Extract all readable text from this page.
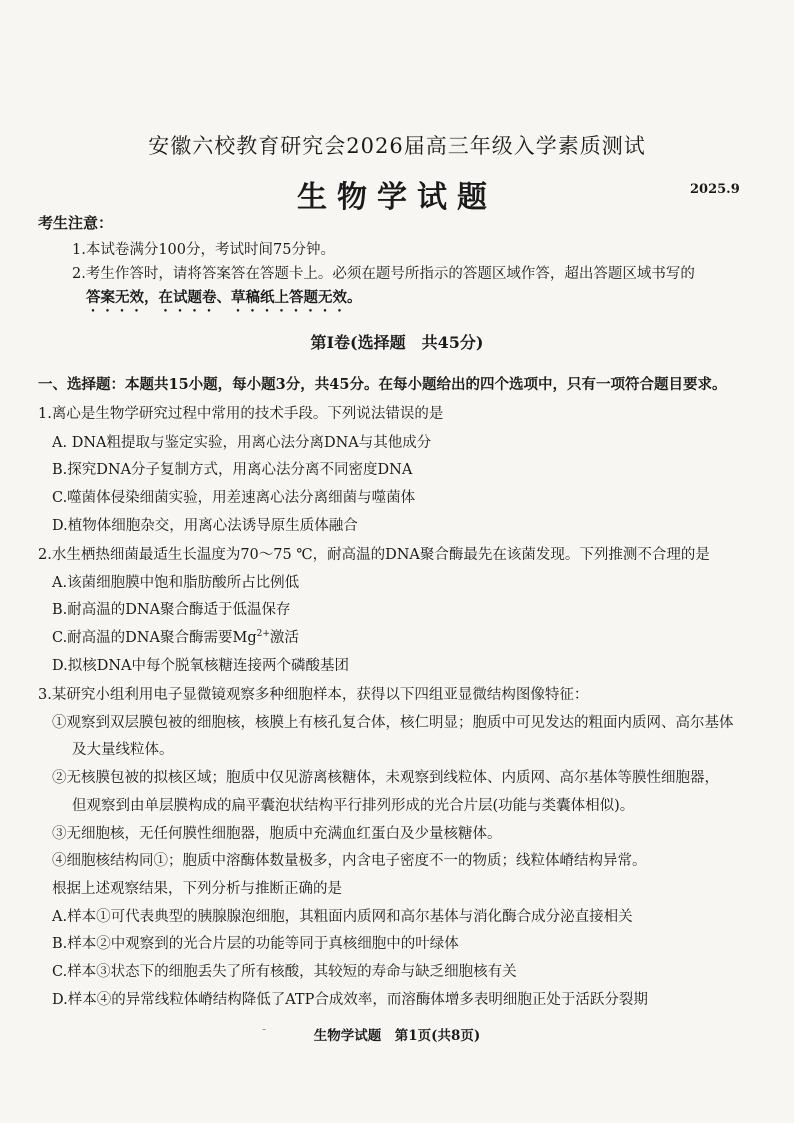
安徽六校教育研究会2026届高三年级入学素质测试
生物学试题	2025.9
考生注意：
1.本试卷满分100分，考试时间75分钟。
2.考生作答时，请将答案答在答题卡上。必须在题号所指示的答题区域作答，超出答题区域书写的
答案无效，在试题卷、草稿纸上答题无效。
第Ⅰ卷(选择题　共45分)
一、选择题：本题共15小题，每小题3分，共45分。在每小题给出的四个选项中，只有一项符合题目要求。
1.离心是生物学研究过程中常用的技术手段。下列说法错误的是
A. DNA粗提取与鉴定实验，用离心法分离DNA与其他成分
B.探究DNA分子复制方式，用离心法分离不同密度DNA
C.噬菌体侵染细菌实验，用差速离心法分离细菌与噬菌体
D.植物体细胞杂交，用离心法诱导原生质体融合
2.水生栖热细菌最适生长温度为70～75 ℃，耐高温的DNA聚合酶最先在该菌发现。下列推测不合理的是
A.该菌细胞膜中饱和脂肪酸所占比例低
B.耐高温的DNA聚合酶适于低温保存
C.耐高温的DNA聚合酶需要$Mg^{2+}$激活
D.拟核DNA中每个脱氧核糖连接两个磷酸基团
3.某研究小组利用电子显微镜观察多种细胞样本，获得以下四组亚显微结构图像特征：
①观察到双层膜包被的细胞核，核膜上有核孔复合体，核仁明显；胞质中可见发达的粗面内质网、高尔基体
及大量线粒体。
②无核膜包被的拟核区域；胞质中仅见游离核糖体，未观察到线粒体、内质网、高尔基体等膜性细胞器，
但观察到由单层膜构成的扁平囊泡状结构平行排列形成的光合片层(功能与类囊体相似)。
③无细胞核，无任何膜性细胞器，胞质中充满血红蛋白及少量核糖体。
④细胞核结构同①；胞质中溶酶体数量极多，内含电子密度不一的物质；线粒体嵴结构异常。
根据上述观察结果，下列分析与推断正确的是
A.样本①可代表典型的胰腺腺泡细胞，其粗面内质网和高尔基体与消化酶合成分泌直接相关
B.样本②中观察到的光合片层的功能等同于真核细胞中的叶绿体
C.样本③状态下的细胞丢失了所有核酸，其较短的寿命与缺乏细胞核有关
D.样本④的异常线粒体嵴结构降低了ATP合成效率，而溶酶体增多表明细胞正处于活跃分裂期
-	生物学试题　第1页(共8页)
